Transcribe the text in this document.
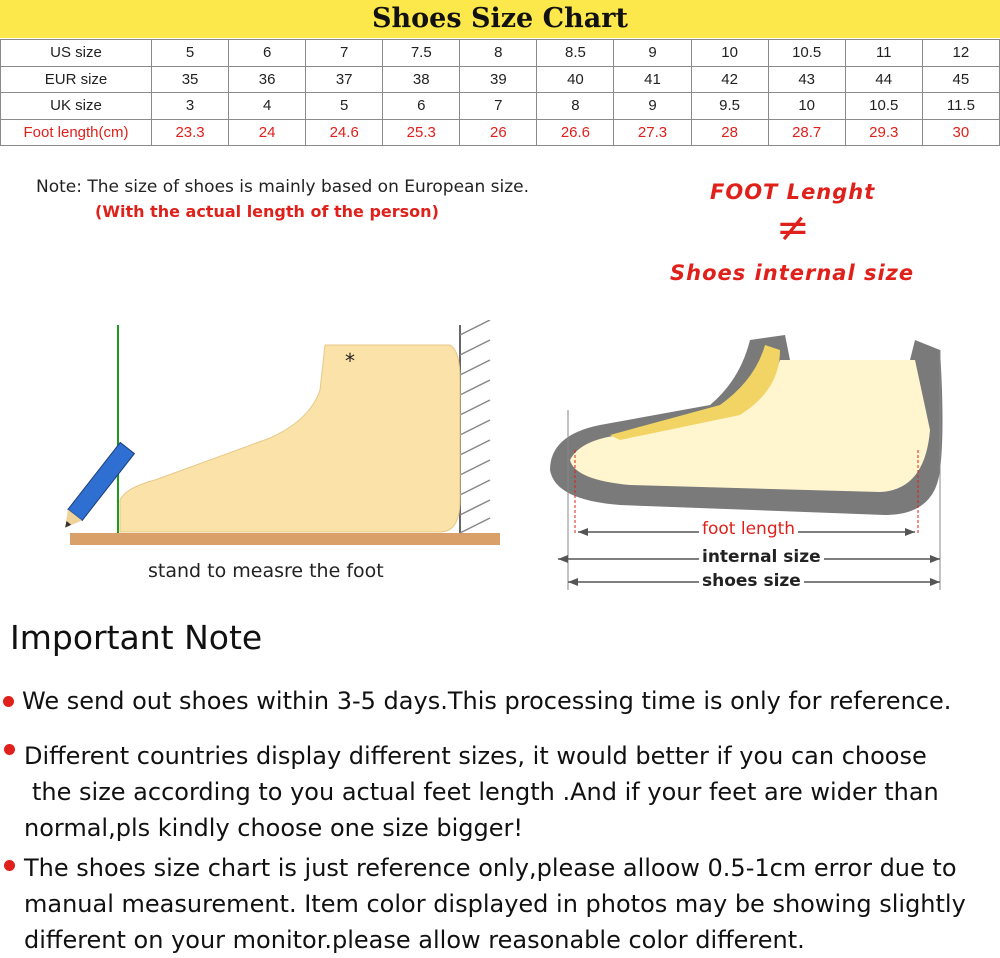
Shoes Size Chart
US size	5	6	7	7.5	8	8.5	9	10	10.5	11	12
EUR size	35	36	37	38	39	40	41	42	43	44	45
UK size	3	4	5	6	7	8	9	9.5	10	10.5	11.5
Foot length(cm)	23.3	24	24.6	25.3	26	26.6	27.3	28	28.7	29.3	30
Note: The size of shoes is mainly based on European size.
(With the actual length of the person)
FOOT Lenght
≠
Shoes internal size
*
stand to measre the foot
foot length
internal size
shoes size
Important Note
We send out shoes within 3-5 days.This processing time is only for reference.
Different countries display different sizes, it would better if you can choose
the size according to you actual feet length .And if your feet are wider than
normal,pls kindly choose one size bigger!
The shoes size chart is just reference only,please alloow 0.5-1cm error due to
manual measurement. Item color displayed in photos may be showing slightly
different on your monitor.please allow reasonable color different.
